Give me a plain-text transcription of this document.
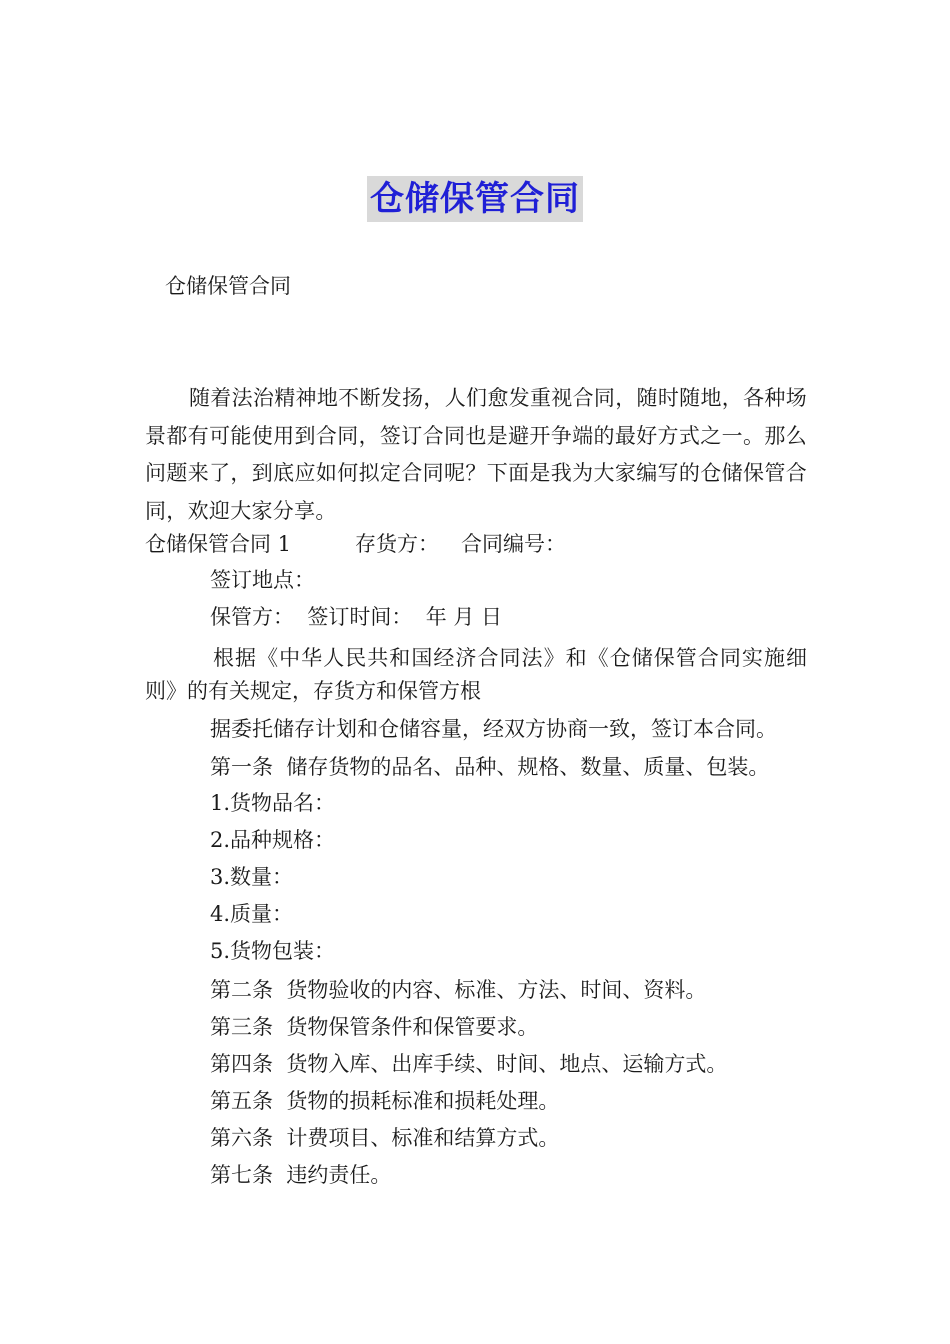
仓储保管合同
仓储保管合同
随着法治精神地不断发扬，人们愈发重视合同，随时随地，各种场景都有可能使用到合同，签订合同也是避开争端的最好方式之一。那么问题来了，到底应如何拟定合同呢？下面是我为大家编写的仓储保管合同，欢迎大家分享。
仓储保管合同 1	存货方： 合同编号：
签订地点：
保管方：  签订时间：  年 月 日
根据《中华人民共和国经济合同法》和《仓储保管合同实施细则》的有关规定，存货方和保管方根
据委托储存计划和仓储容量，经双方协商一致，签订本合同。
第一条  储存货物的品名、品种、规格、数量、质量、包装。
1.货物品名：
2.品种规格：
3.数量：
4.质量：
5.货物包装：
第二条  货物验收的内容、标准、方法、时间、资料。
第三条  货物保管条件和保管要求。
第四条  货物入库、出库手续、时间、地点、运输方式。
第五条  货物的损耗标准和损耗处理。
第六条  计费项目、标准和结算方式。
第七条  违约责任。
